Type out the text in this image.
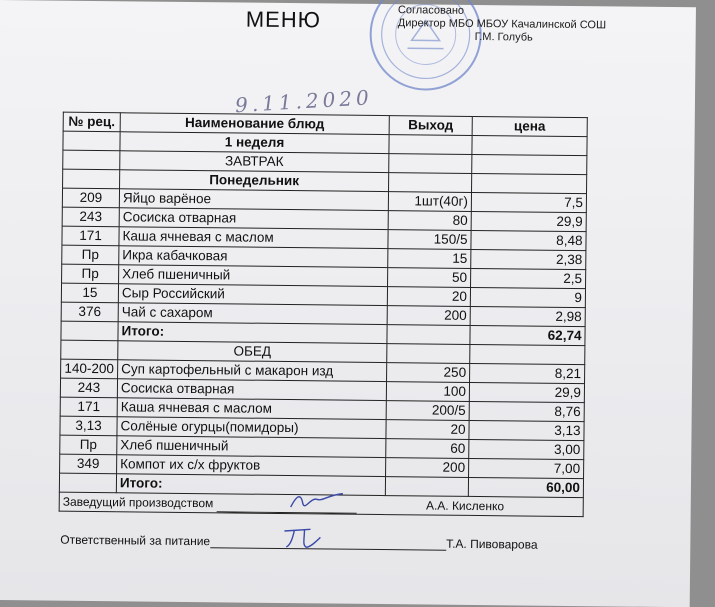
МЕНЮ	Согласовано
Директор МБО МБОУ Качалинской СОШ
Г.М. Голубь
9.11.2020
№ рец.	Наименование блюд	Выход	цена
	1 неделя		
	ЗАВТРАК		
	Понедельник		
209	Яйцо варёное	1шт(40г)	7,5
243	Сосиска отварная	80	29,9
171	Каша ячневая с маслом	150/5	8,48
Пр	Икра кабачковая	15	2,38
Пр	Хлеб пшеничный	50	2,5
15	Сыр Российский	20	9
376	Чай с сахаром	200	2,98
	Итого:		62,74
	ОБЕД		
140-200	Суп картофельный с макарон изд	250	8,21
243	Сосиска отварная	100	29,9
171	Каша ячневая с маслом	200/5	8,76
3,13	Солёные огурцы(помидоры)	20	3,13
Пр	Хлеб пшеничный	60	3,00
349	Компот их с/х фруктов	200	7,00
	Итого:		60,00
Заведущий производством А.А. Кисленко			
Ответственный за питание	Т.А. Пивоварова
